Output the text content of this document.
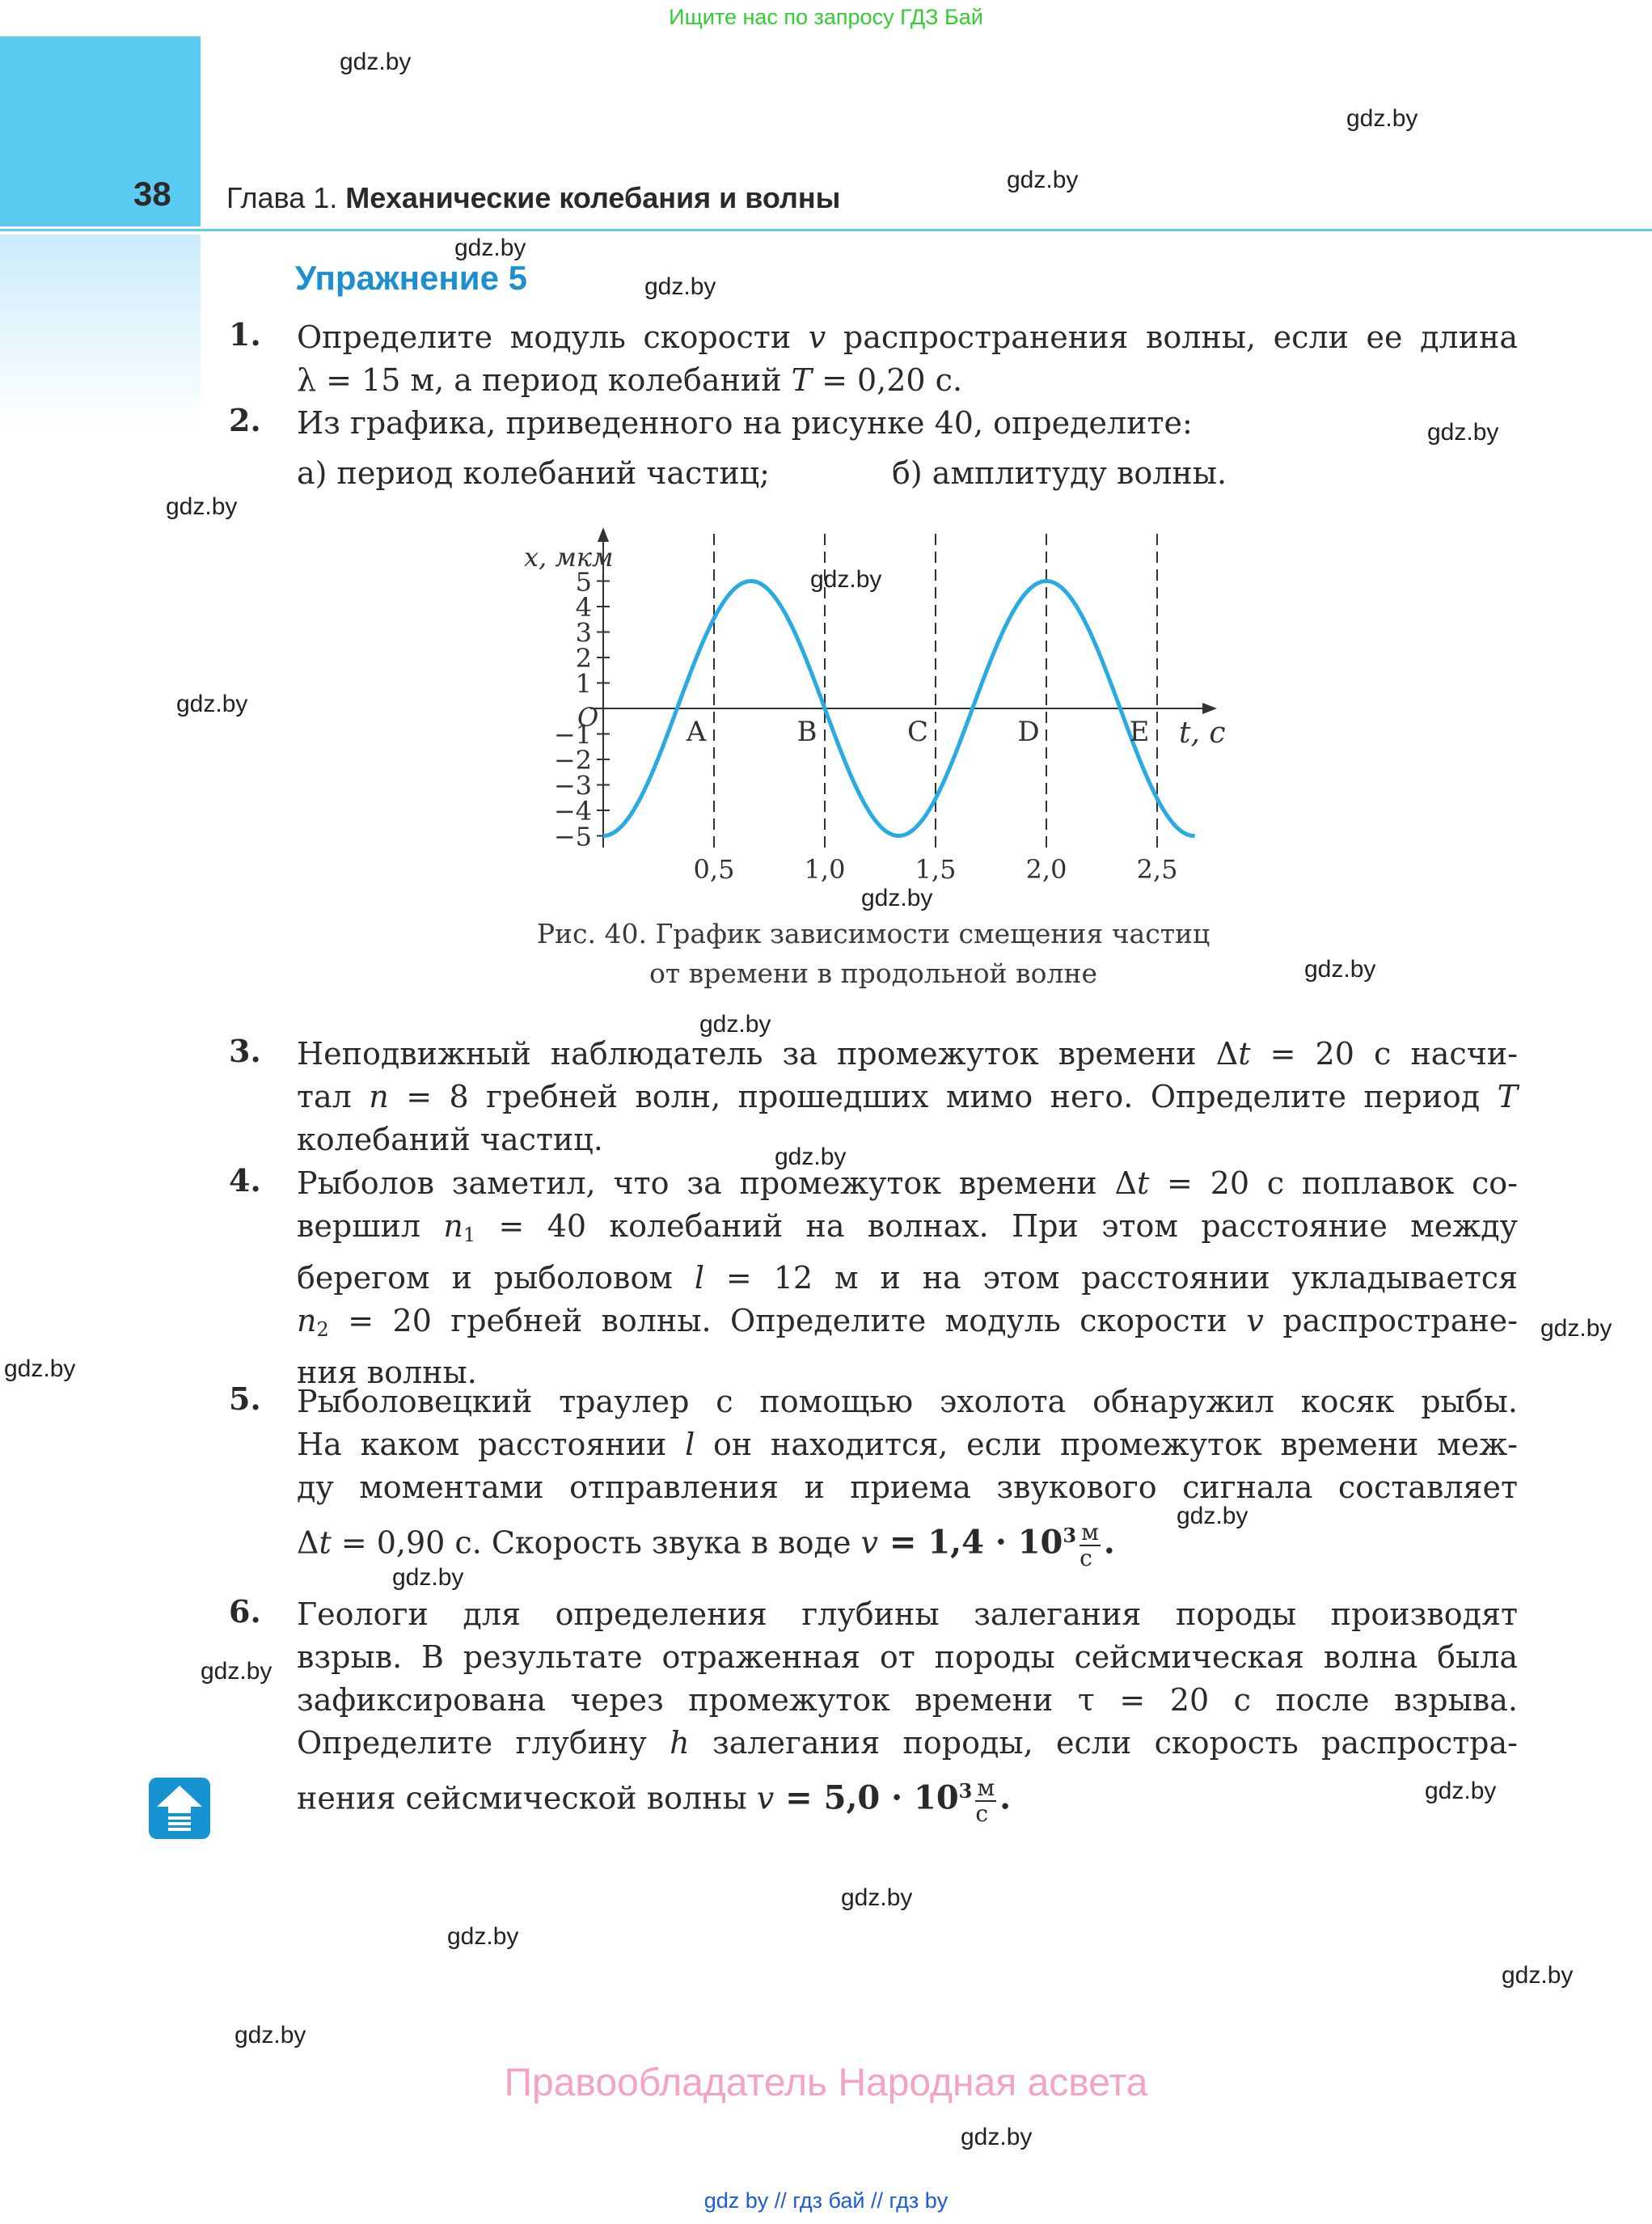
Ищите нас по запросу ГДЗ Бай
38 Глава 1. Механические колебания и волны
Упражнение 5
1.	Определите модуль скорости v распространения волны, если ее длина
λ = 15 м, а период колебаний T = 0,20 с.
2.	Из графика, приведенного на рисунке 40, определите:
а) период колебаний частиц;	б) амплитуду волны.
5
4
3
2
1
−1
−2
−3
−4
−5
0,5	1,0	1,5	2,0	2,5
A	B	C	D	E
x, мкм
t, с
O
Рис. 40. График зависимости смещения частиц
от времени в продольной волне
3.	Неподвижный наблюдатель за промежуток времени Δt = 20 с насчи-
тал n = 8 гребней волн, прошедших мимо него. Определите период T
колебаний частиц.
4.	Рыболов заметил, что за промежуток времени Δt = 20 с поплавок со-
вершил $n_1 = 40$ колебаний на волнах. При этом расстояние между
берегом и рыболовом l = 12 м и на этом расстоянии укладывается
$n_2 = 20$ гребней волны. Определите модуль скорости v распростране-
ния волны.
5.	Рыболовецкий траулер с помощью эхолота обнаружил косяк рыбы.
На каком расстоянии l он находится, если промежуток времени меж-
ду моментами отправления и приема звукового сигнала составляет
Δt = 0,90 с. Скорость звука в воде $v = 1,4 \cdot 10^3 \frac{м}{с}$ .
6.	Геологи для определения глубины залегания породы производят
взрыв. В результате отраженная от породы сейсмическая волна была
зафиксирована через промежуток времени τ = 20 с после взрыва.
Определите глубину h залегания породы, если скорость распростра-
нения сейсмической волны $v = 5,0 \cdot 10^3 \frac{м}{с}$ .
gdz.by
gdz.by
gdz.by
gdz.by
gdz.by
gdz.by
gdz.by
gdz.by
gdz.by
gdz.by
gdz.by
gdz.by
gdz.by
gdz.by
gdz.by
gdz.by
gdz.by
gdz.by
gdz.by
gdz.by
gdz.by
gdz.by
gdz.by
gdz.by
Правообладатель Народная асвета
gdz by // гдз бай // гдз by
